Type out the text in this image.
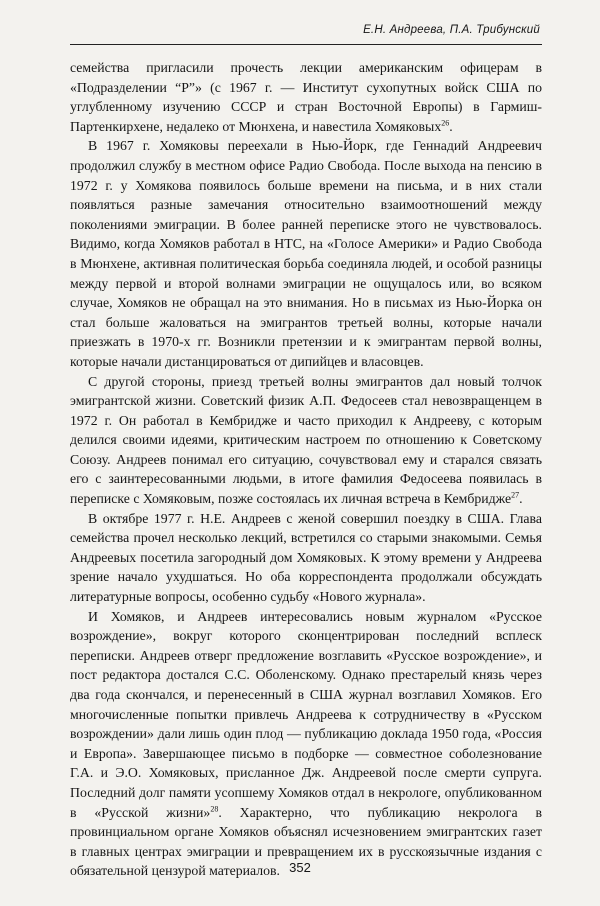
Е.Н. Андреева, П.А. Трибунский

семейства пригласили прочесть лекции американским офицерам в «Подразделении “P”» (с 1967 г. — Институт сухопутных войск США по углубленному изучению СССР и стран Восточной Европы) в Гармиш-Партенкирхене, недалеко от Мюнхена, и навестила Хомяковых$^{26}$.

В 1967 г. Хомяковы переехали в Нью-Йорк, где Геннадий Андреевич продолжил службу в местном офисе Радио Свобода. После выхода на пенсию в 1972 г. у Хомякова появилось больше времени на письма, и в них стали появляться разные замечания относительно взаимоотношений между поколениями эмиграции. В более ранней переписке этого не чувствовалось. Видимо, когда Хомяков работал в НТС, на «Голосе Америки» и Радио Свобода в Мюнхене, активная политическая борьба соединяла людей, и особой разницы между первой и второй волнами эмиграции не ощущалось или, во всяком случае, Хомяков не обращал на это внимания. Но в письмах из Нью-Йорка он стал больше жаловаться на эмигрантов третьей волны, которые начали приезжать в 1970-х гг. Возникли претензии и к эмигрантам первой волны, которые начали дистанцироваться от дипийцев и власовцев.

С другой стороны, приезд третьей волны эмигрантов дал новый толчок эмигрантской жизни. Советский физик А.П. Федосеев стал невозвращенцем в 1972 г. Он работал в Кембридже и часто приходил к Андрееву, с которым делился своими идеями, критическим настроем по отношению к Советскому Союзу. Андреев понимал его ситуацию, сочувствовал ему и старался связать его с заинтересованными людьми, в итоге фамилия Федосеева появилась в переписке с Хомяковым, позже состоялась их личная встреча в Кембридже$^{27}$.

В октябре 1977 г. Н.Е. Андреев с женой совершил поездку в США. Глава семейства прочел несколько лекций, встретился со старыми знакомыми. Семья Андреевых посетила загородный дом Хомяковых. К этому времени у Андреева зрение начало ухудшаться. Но оба корреспондента продолжали обсуждать литературные вопросы, особенно судьбу «Нового журнала».

И Хомяков, и Андреев интересовались новым журналом «Русское возрождение», вокруг которого сконцентрирован последний всплеск переписки. Андреев отверг предложение возглавить «Русское возрождение», и пост редактора достался С.С. Оболенскому. Однако престарелый князь через два года скончался, и перенесенный в США журнал возглавил Хомяков. Его многочисленные попытки привлечь Андреева к сотрудничеству в «Русском возрождении» дали лишь один плод — публикацию доклада 1950 года, «Россия и Европа». Завершающее письмо в подборке — совместное соболезнование Г.А. и Э.О. Хомяковых, присланное Дж. Андреевой после смерти супруга. Последний долг памяти усопшему Хомяков отдал в некрологе, опубликованном в «Русской жизни»$^{28}$. Характерно, что публикацию некролога в провинциальном органе Хомяков объяснял исчезновением эмигрантских газет в главных центрах эмиграции и превращением их в русскоязычные издания с обязательной цензурой материалов. 352
